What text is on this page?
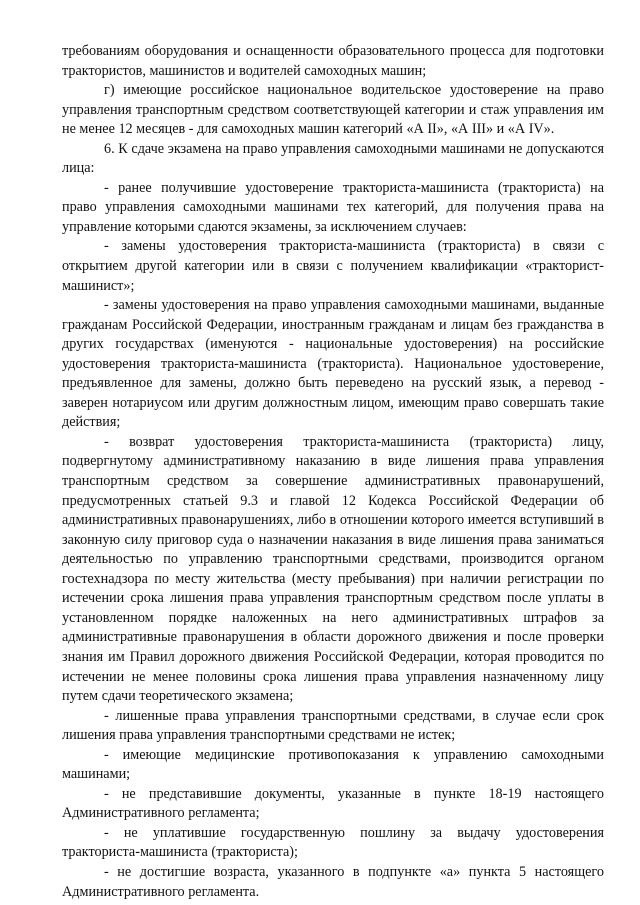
требованиям оборудования и оснащенности образовательного процесса для подготовки трактористов, машинистов и водителей самоходных машин;

г) имеющие российское национальное водительское удостоверение на право управления транспортным средством соответствующей категории и стаж управления им не менее 12 месяцев - для самоходных машин категорий «А II», «А III» и «А IV».

6. К сдаче экзамена на право управления самоходными машинами не допускаются лица:

- ранее получившие удостоверение тракториста-машиниста (тракториста) на право управления самоходными машинами тех категорий, для получения права на управление которыми сдаются экзамены, за исключением случаев:

- замены удостоверения тракториста-машиниста (тракториста) в связи с открытием другой категории или в связи с получением квалификации «тракторист-машинист»;

- замены удостоверения на право управления самоходными машинами, выданные гражданам Российской Федерации, иностранным гражданам и лицам без гражданства в других государствах (именуются - национальные удостоверения) на российские удостоверения тракториста-машиниста (тракториста). Национальное удостоверение, предъявленное для замены, должно быть переведено на русский язык, а перевод - заверен нотариусом или другим должностным лицом, имеющим право совершать такие действия;

- возврат удостоверения тракториста-машиниста (тракториста) лицу, подвергнутому административному наказанию в виде лишения права управления транспортным средством за совершение административных правонарушений, предусмотренных статьей 9.3 и главой 12 Кодекса Российской Федерации об административных правонарушениях, либо в отношении которого имеется вступивший в законную силу приговор суда о назначении наказания в виде лишения права заниматься деятельностью по управлению транспортными средствами, производится органом гостехнадзора по месту жительства (месту пребывания) при наличии регистрации по истечении срока лишения права управления транспортным средством после уплаты в установленном порядке наложенных на него административных штрафов за административные правонарушения в области дорожного движения и после проверки знания им Правил дорожного движения Российской Федерации, которая проводится по истечении не менее половины срока лишения права управления назначенному лицу путем сдачи теоретического экзамена;

- лишенные права управления транспортными средствами, в случае если срок лишения права управления транспортными средствами не истек;

- имеющие медицинские противопоказания к управлению самоходными машинами;

- не представившие документы, указанные в пункте 18-19 настоящего Административного регламента;

- не уплатившие государственную пошлину за выдачу удостоверения тракториста-машиниста (тракториста);

- не достигшие возраста, указанного в подпункте «а» пункта 5 настоящего Административного регламента.
